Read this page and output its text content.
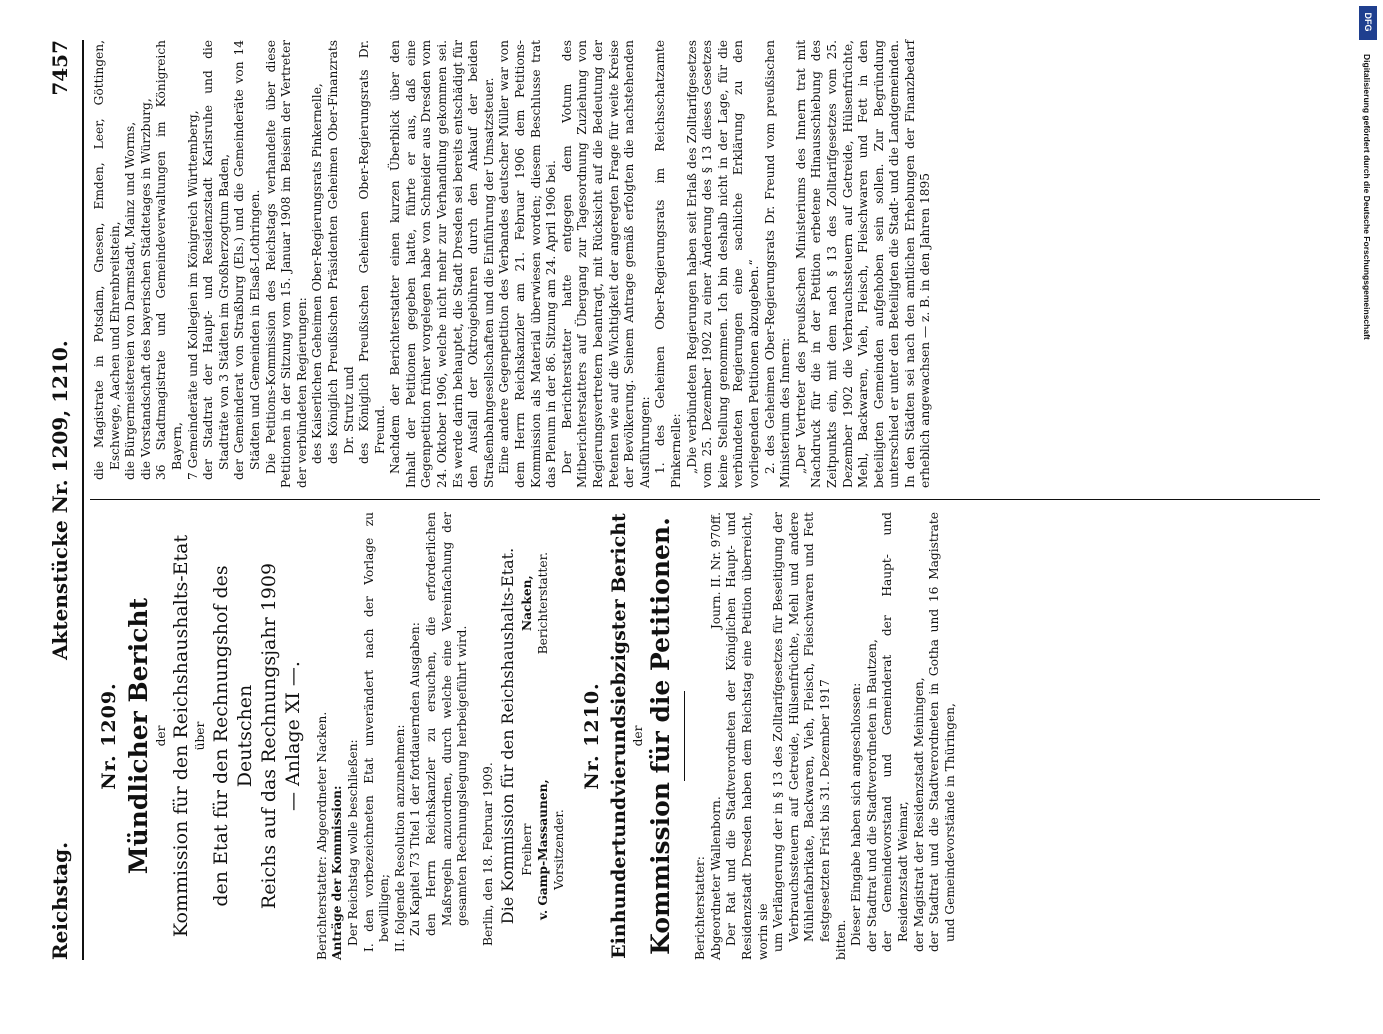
Reichstag.
Aktenstücke Nr. 1209, 1210.
7457

Nr. 1209. Mündlicher Bericht der Kommission für den Reichshaushalts-Etat über den Etat für den Rechnungshof des Deutschen Reichs auf das Rechnungsjahr 1909 — Anlage XI —. Berichterstatter: Abgeordneter Nacken. Anträge der Kommission: Der Reichstag wolle beschließen: I. den vorbezeichneten Etat unverändert nach der Vorlage zu bewilligen; II. folgende Resolution anzunehmen: Zu Kapitel 73 Titel 1 der fortdauernden Ausgaben: den Herrn Reichskanzler zu ersuchen, die erforderlichen Maßregeln anzuordnen, durch welche eine Vereinfachung der gesamten Rechnungslegung herbeigeführt wird. Berlin, den 18. Februar 1909. Die Kommission für den Reichshaushalts-Etat. Freiherr v. Gamp-Massaunen, Vorsitzender.
Nacken, Berichterstatter.

Nr. 1210. Einhundertundvierundsiebzigster Bericht der Kommission für die Petitionen. Berichterstatter: Abgeordneter Wallenborn.
Journ. II. Nr. 970ff. Der Rat und die Stadtverordneten der Königlichen Haupt- und Residenzstadt Dresden haben dem Reichstag eine Petition überreicht, worin sie um Verlängerung der in § 13 des Zolltarifgesetzes für Beseitigung der Verbrauchssteuern auf Getreide, Hülsenfrüchte, Mehl und andere Mühlenfabrikate, Backwaren, Vieh, Fleisch, Fleischwaren und Fett festgesetzten Frist bis 31. Dezember 1917 bitten. Dieser Eingabe haben sich angeschlossen: der Stadtrat und die Stadtverordneten in Bautzen, der Gemeindevorstand und Gemeinderat der Haupt- und Residenzstadt Weimar, der Magistrat der Residenzstadt Meiningen, der Stadtrat und die Stadtverordneten in Gotha und 16 Magistrate und Gemeindevorstände in Thüringen,

die Magistrate in Potsdam, Gnesen, Emden, Leer, Göttingen, Eschwege, Aachen und Ehrenbreitstein, die Bürgermeistereien von Darmstadt, Mainz und Worms, die Vorstandschaft des bayerischen Städtetages in Würzburg, 36 Stadtmagistrate und Gemeindeverwaltungen im Königreich Bayern, 7 Gemeinderäte und Kollegien im Königreich Württemberg, der Stadtrat der Haupt- und Residenzstadt Karlsruhe und die Stadträte von 3 Städten im Großherzogtum Baden, der Gemeinderat von Straßburg (Els.) und die Gemeinderäte von 14 Städten und Gemeinden in Elsaß-Lothringen. Die Petitions-Kommission des Reichstags verhandelte über diese Petitionen in der Sitzung vom 15. Januar 1908 im Beisein der Vertreter der verbündeten Regierungen: des Kaiserlichen Geheimen Ober-Regierungsrats Pinkernelle, des Königlich Preußischen Präsidenten Geheimen Ober-Finanzrats Dr. Strutz und des Königlich Preußischen Geheimen Ober-Regierungsrats Dr. Freund. Nachdem der Berichterstatter einen kurzen Überblick über den Inhalt der Petitionen gegeben hatte, führte er aus, daß eine Gegenpetition früher vorgelegen habe von Schneider aus Dresden vom 24. Oktober 1906, welche nicht mehr zur Verhandlung gekommen sei. Es werde darin behauptet, die Stadt Dresden sei bereits entschädigt für den Ausfall der Oktroigebühren durch den Ankauf der beiden Straßenbahngesellschaften und die Einführung der Umsatzsteuer. Eine andere Gegenpetition des Verbandes deutscher Müller war von dem Herrn Reichskanzler am 21. Februar 1906 dem Petitions-Kommission als Material überwiesen worden; diesem Beschlusse trat das Plenum in der 86. Sitzung am 24. April 1906 bei. Der Berichterstatter hatte entgegen dem Votum des Mitberichterstatters auf Übergang zur Tagesordnung Zuziehung von Regierungsvertretern beantragt, mit Rücksicht auf die Bedeutung der Petenten wie auf die Wichtigkeit der angeregten Frage für weite Kreise der Bevölkerung. Seinem Antrage gemäß erfolgten die nachstehenden Ausführungen: 1. des Geheimen Ober-Regierungsrats im Reichsschatzamte Pinkernelle: „Die verbündeten Regierungen haben seit Erlaß des Zolltarifgesetzes vom 25. Dezember 1902 zu einer Änderung des § 13 dieses Gesetzes keine Stellung genommen. Ich bin deshalb nicht in der Lage, für die verbündeten Regierungen eine sachliche Erklärung zu den vorliegenden Petitionen abzugeben.“ 2. des Geheimen Ober-Regierungsrats Dr. Freund vom preußischen Ministerium des Innern: „Der Vertreter des preußischen Ministeriums des Innern trat mit Nachdruck für die in der Petition erbetene Hinausschiebung des Zeitpunkts ein, mit dem nach § 13 des Zolltarifgesetzes vom 25. Dezember 1902 die Verbrauchssteuern auf Getreide, Hülsenfrüchte, Mehl, Backwaren, Vieh, Fleisch, Fleischwaren und Fett in den beteiligten Gemeinden aufgehoben sein sollen. Zur Begründung unterschied er unter den Beteiligten die Stadt- und die Landgemeinden. In den Städten sei nach den amtlichen Erhebungen der Finanzbedarf erheblich angewachsen — z. B. in den Jahren 1895

DFG
Digitalisierung gefördert durch die Deutsche Forschungsgemeinschaft
